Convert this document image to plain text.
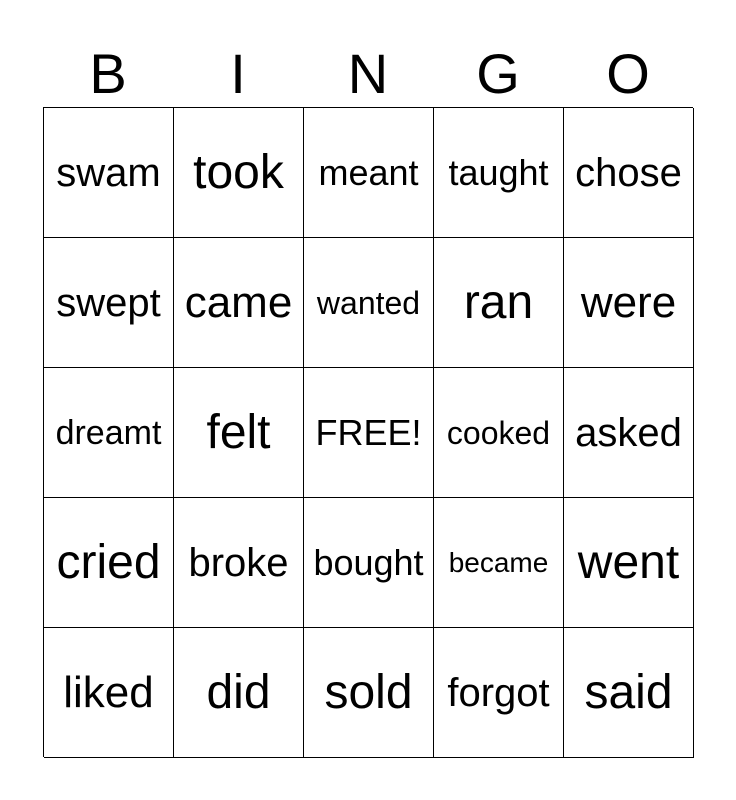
B	I	N	G	O
swam took meant taught chose
swept came wanted ran	were
dreamt felt	FREE! cooked asked
cried broke bought became went
liked	did	sold forgot said
